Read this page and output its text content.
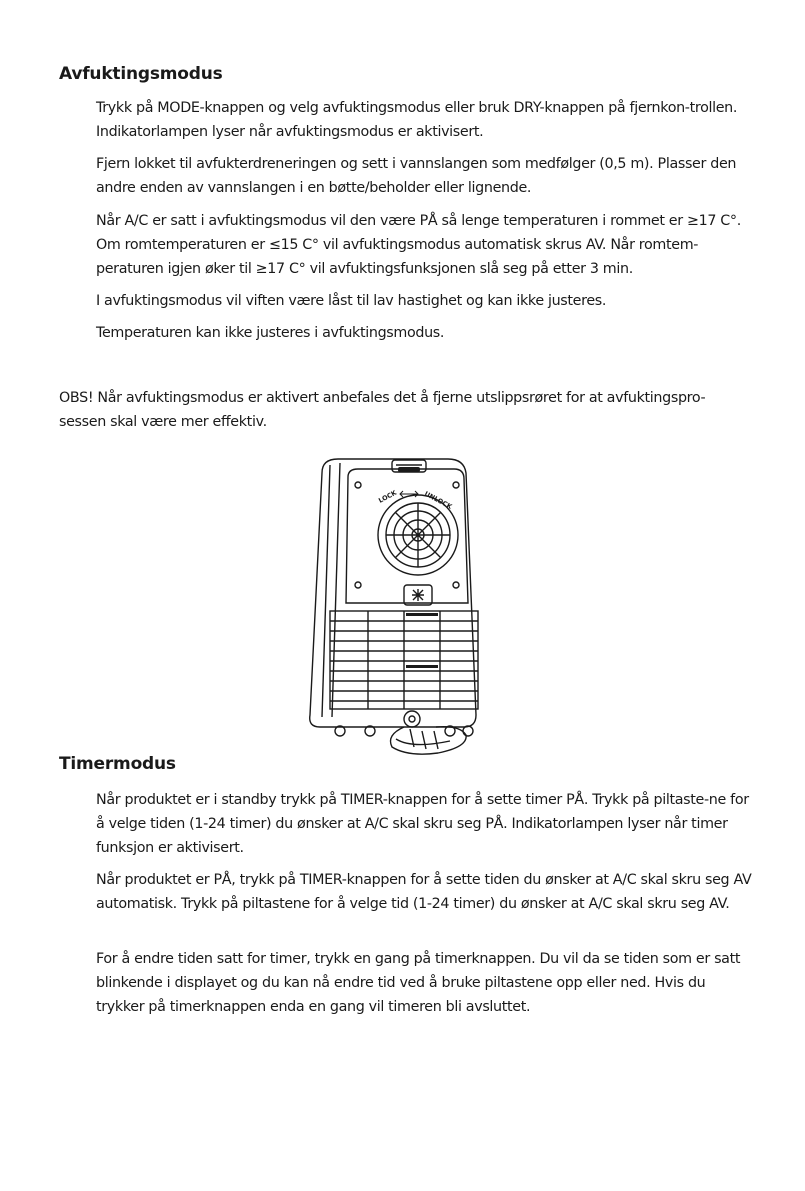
Avfuktingsmodus

Trykk på MODE-knappen og velg avfuktingsmodus eller bruk DRY-knappen på fjernkon-trollen. Indikatorlampen lyser når avfuktingsmodus er aktivisert.

Fjern lokket til avfukterdreneringen og sett i vannslangen som medfølger (0,5 m). Plasser den andre enden av vannslangen i en bøtte/beholder eller lignende.

Når A/C er satt i avfuktingsmodus vil den være PÅ så lenge temperaturen i rommet er ≥17 C°. Om romtemperaturen er ≤15 C° vil avfuktingsmodus automatisk skrus AV. Når romtem-peraturen igjen øker til ≥17 C° vil avfuktingsfunksjonen slå seg på etter 3 min.

I avfuktingsmodus vil viften være låst til lav hastighet og kan ikke justeres.

Temperaturen kan ikke justeres i avfuktingsmodus.

OBS! Når avfuktingsmodus er aktivert anbefales det å fjerne utslippsrøret for at avfuktingspro-sessen skal være mer effektiv.

LOCK	UNLOCK
Timermodus

Når produktet er i standby trykk på TIMER-knappen for å sette timer PÅ. Trykk på piltaste-ne for å velge tiden (1-24 timer) du ønsker at A/C skal skru seg PÅ. Indikatorlampen lyser når timer funksjon er aktivisert.

Når produktet er PÅ, trykk på TIMER-knappen for å sette tiden du ønsker at A/C skal skru seg AV automatisk. Trykk på piltastene for å velge tid (1-24 timer) du ønsker at A/C skal skru seg AV.

For å endre tiden satt for timer, trykk en gang på timerknappen. Du vil da se tiden som er satt blinkende i displayet og du kan nå endre tid ved å bruke piltastene opp eller ned. Hvis du trykker på timerknappen enda en gang vil timeren bli avsluttet.
